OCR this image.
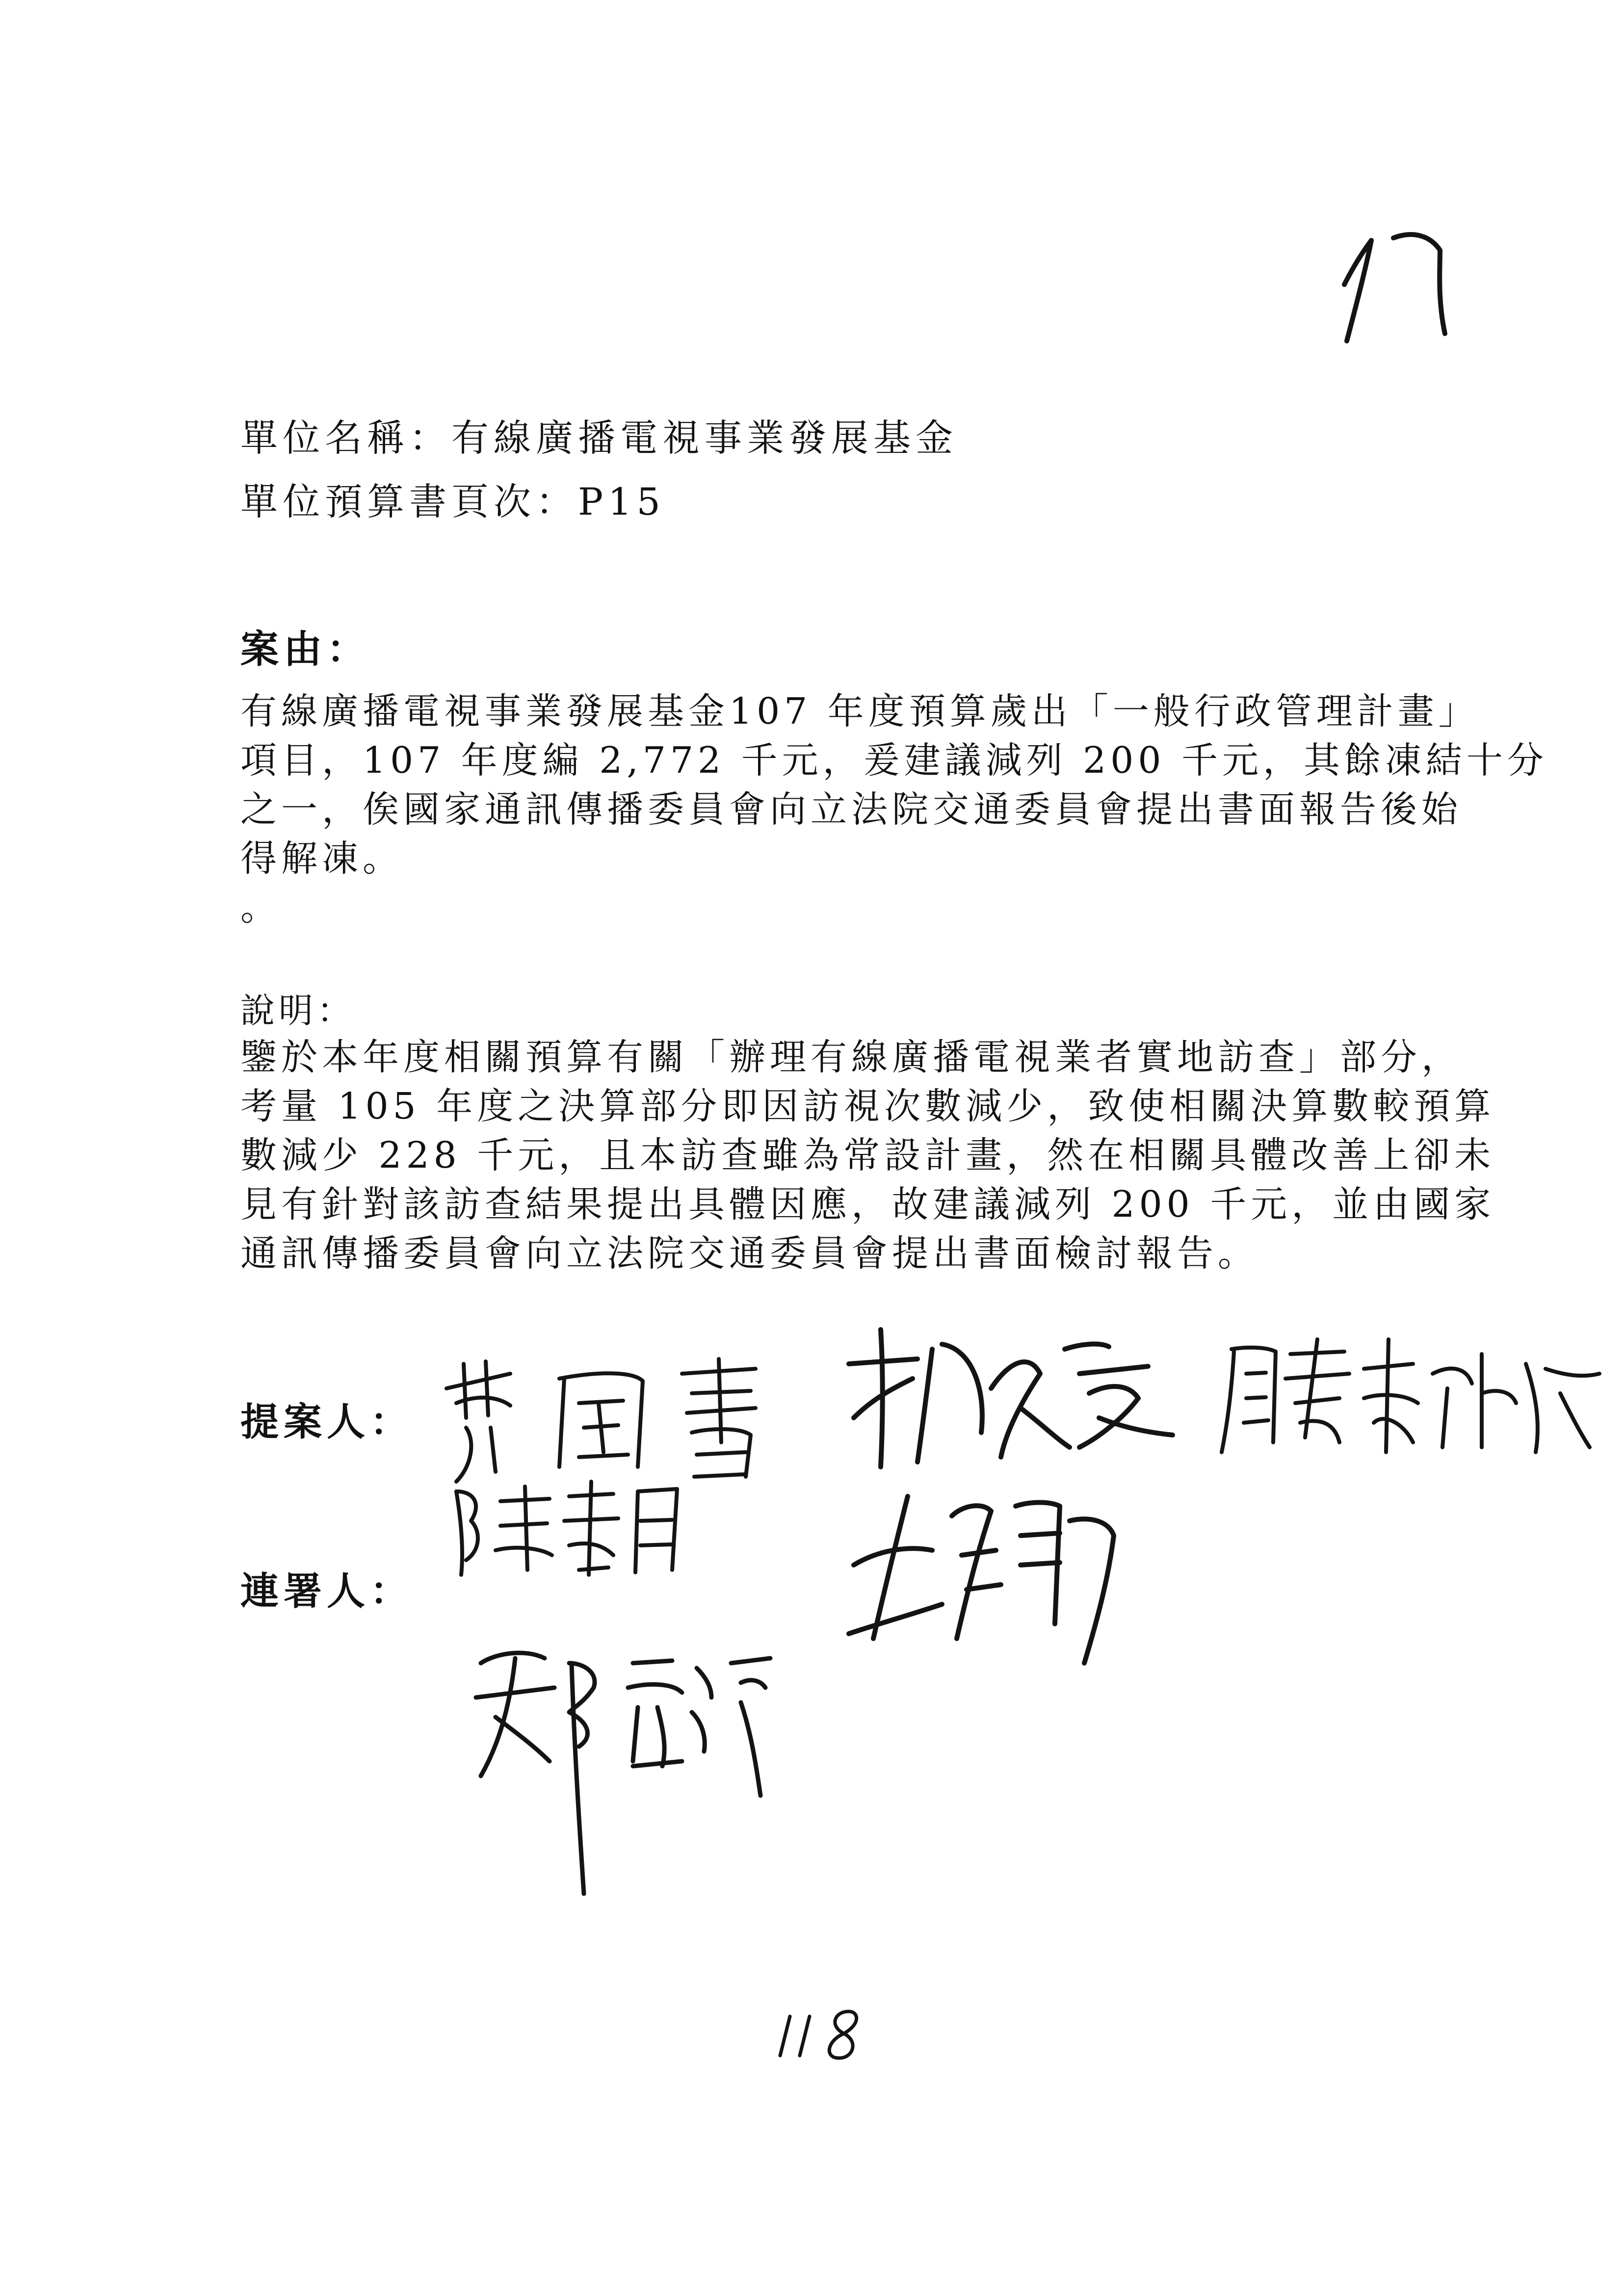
單位名稱：有線廣播電視事業發展基金
單位預算書頁次：P15
案由：
有線廣播電視事業發展基金107 年度預算歲出「一般行政管理計畫」
項目，107 年度編 2,772 千元，爰建議減列 200 千元，其餘凍結十分
之一，俟國家通訊傳播委員會向立法院交通委員會提出書面報告後始
得解凍。
。
說明：
鑒於本年度相關預算有關「辦理有線廣播電視業者實地訪查」部分，
考量 105 年度之決算部分即因訪視次數減少，致使相關決算數較預算
數減少 228 千元，且本訪查雖為常設計畫，然在相關具體改善上卻未
見有針對該訪查結果提出具體因應，故建議減列 200 千元，並由國家
通訊傳播委員會向立法院交通委員會提出書面檢討報告。
提案人：
連署人：
